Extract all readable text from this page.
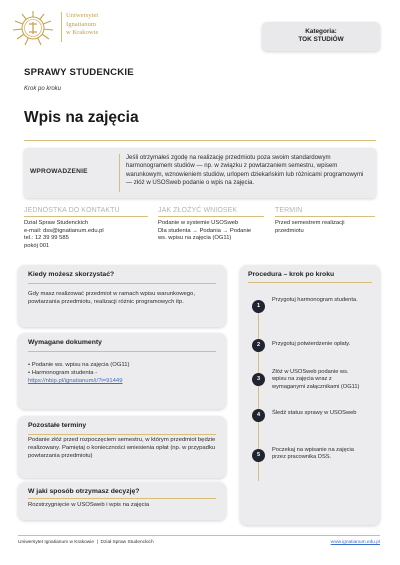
Uniwersytet
Ignatianum
w Krakowie	Kategoria:
TOK STUDIÓW
SPRAWY STUDENCKIE
Krok po kroku
Wpis na zajęcia
WPROWADZENIE
Jeśli otrzymałeś zgodę na realizację przedmiotu poza swoim standardowym harmonogramem studiów — np. w związku z powtarzaniem semestru, wpisem warunkowym, wznowieniem studiów, urlopem dziekańskim lub różnicami programowymi — złóż w USOSweb podanie o wpis na zajęcia.
JEDNOSTKA DO KONTAKTU
Dział Spraw Studenckich
e-mail: dss@ignatianum.edu.pl
tel.: 12 39 99 585
pokój 001
JAK ZŁOŻYĆ WNIOSEK
Podanie w systemie USOSweb
Dla studenta → Podania → Podanie
ws. wpisu na zajęcia (OG11)
TERMIN
Przed semestrem realizacji
przedmiotu
Kiedy możesz skorzystać?
Gdy masz realizować przedmiot w ramach wpisu warunkowego, powtarzania przedmiotu, realizacji różnic programowych itp.
Wymagane dokumenty
• Podanie ws. wpisu na zajęcia (OG11)
• Harmonogram studenta -
https://nbip.pl/ignatianum/i/?i=91449
Pozostałe terminy
Podanie złóż przed rozpoczęciem semestru, w którym przedmiot będzie realizowany. Pamiętaj o konieczności wniesienia opłat (np. w przypadku powtarzania przedmiotu)
W jaki sposób otrzymasz decyzję?
Rozstrzygnięcie w USOSweb i wpis na zajęcia
Procedura – krok po kroku
1
Przygotuj harmonogram studenta.
2	Przygotuj potwierdzenie opłaty.
3
Złóż w USOSweb podanie ws. wpisu na zajęcia wraz z wymaganymi załącznikami (OG11)
4	Śledź status sprawy w USOSweb
5
Poczekaj na wpisanie na zajęcia przez pracownika DSS.
Uniwersytet Ignatianum w Krakowie  |  Dział Spraw Studenckich	www.ignatianum.edu.pl
